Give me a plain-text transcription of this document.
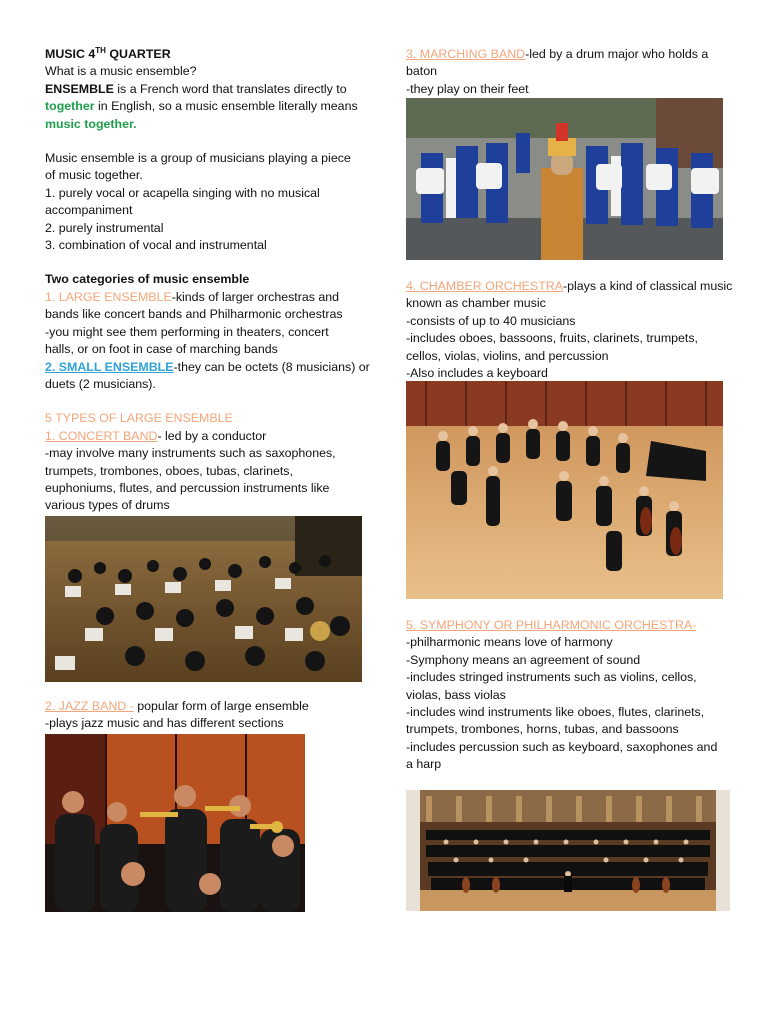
MUSIC 4TH QUARTER

What is a music ensemble?

ENSEMBLE is a French word that translates directly to

together in English, so a music ensemble literally means

music together.

Music ensemble is a group of musicians playing a piece

of music together.

1. purely vocal or acapella singing with no musical

accompaniment

2. purely instrumental

3. combination of vocal and instrumental

Two categories of music ensemble

1. LARGE ENSEMBLE-kinds of larger orchestras and

bands like concert bands and Philharmonic orchestras

-you might see them performing in theaters, concert

halls, or on foot in case of marching bands

2. SMALL ENSEMBLE-they can be octets (8 musicians) or

duets (2 musicians).

5 TYPES OF LARGE ENSEMBLE

1. CONCERT BAND- led by a conductor

-may involve many instruments such as saxophones,

trumpets, trombones, oboes, tubas, clarinets,

euphoniums, flutes, and percussion instruments like

various types of drums

2. JAZZ BAND - popular form of large ensemble

-plays jazz music and has different sections

3. MARCHING BAND-led by a drum major who holds a

baton

-they play on their feet

4. CHAMBER ORCHESTRA-plays a kind of classical music

known as chamber music

-consists of up to 40 musicians

-includes oboes, bassoons, fruits, clarinets, trumpets,

cellos, violas, violins, and percussion

-Also includes a keyboard

5. SYMPHONY OR PHILHARMONIC ORCHESTRA-

-philharmonic means love of harmony

-Symphony means an agreement of sound

-includes stringed instruments such as violins, cellos,

violas, bass violas

-includes wind instruments like oboes, flutes, clarinets,

trumpets, trombones, horns, tubas, and bassoons

-includes percussion such as keyboard, saxophones and

a harp
